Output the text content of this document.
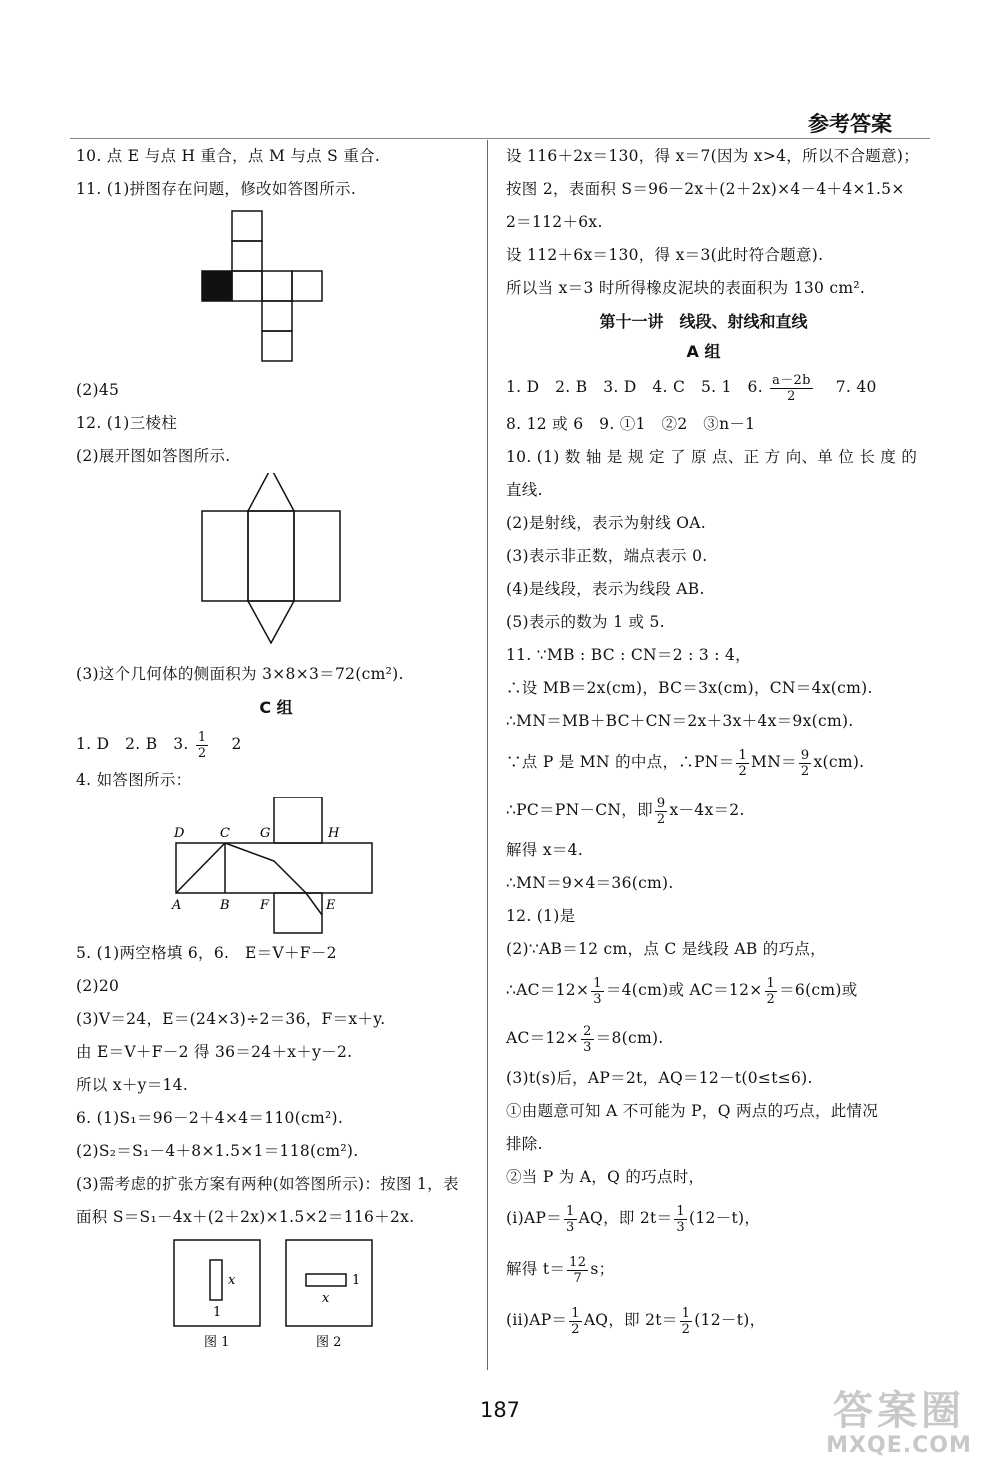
参考答案
10. 点 E 与点 H 重合，点 M 与点 S 重合.
11. (1)拼图存在问题，修改如答图所示.
(2)45
12. (1)三棱柱
(2)展开图如答图所示.
(3)这个几何体的侧面积为 3×8×3＝72(cm²).
C 组
1. D　2. B　3. $\frac{1}{2}$ 　2
4. 如答图所示：
D	C G	H
A	B F	E
5. (1)两空格填 6，6.　E＝V＋F－2
(2)20
(3)V＝24，E＝(24×3)÷2＝36，F＝x＋y.
由 E＝V＋F－2 得 36＝24＋x＋y－2.
所以 x＋y＝14.
6. (1)S₁＝96－2＋4×4＝110(cm²).
(2)S₂＝S₁－4＋8×1.5×1＝118(cm²).
(3)需考虑的扩张方案有两种(如答图所示)：按图 1，表
面积 S＝S₁－4x＋(2＋2x)×1.5×2＝116＋2x.
x
1
1
x
图 1	图 2
设 116＋2x＝130，得 x＝7(因为 x>4，所以不合题意)；
按图 2，表面积 S＝96－2x＋(2＋2x)×4－4＋4×1.5×
2＝112＋6x.
设 112＋6x＝130，得 x＝3(此时符合题意).
所以当 x＝3 时所得橡皮泥块的表面积为 130 cm².
第十一讲　线段、射线和直线
A 组
1. D　2. B　3. D　4. C　5. 1　6. $\frac{a-2b}{2}$ 　7. 40
8. 12 或 6　9. ①1　②2　③n－1
10. (1) 数 轴 是 规 定 了 原 点、正 方 向、单 位 长 度 的
直线.
(2)是射线，表示为射线 OA.
(3)表示非正数，端点表示 0.
(4)是线段，表示为线段 AB.
(5)表示的数为 1 或 5.
11. ∵MB : BC : CN＝2 : 3 : 4，
∴设 MB＝2x(cm)，BC＝3x(cm)，CN＝4x(cm).
∴MN＝MB＋BC＋CN＝2x＋3x＋4x＝9x(cm).
∵点 P 是 MN 的中点，∴PN＝ $\frac{1}{2} MN= \frac{9}{2} x(cm)$.
∴PC＝PN－CN，即 $\frac{9}{2} x-4x=2$.
解得 x＝4.
∴MN＝9×4＝36(cm).
12. (1)是
(2)∵AB＝12 cm，点 C 是线段 AB 的巧点，
∴AC＝12× $\frac{1}{3} =4(cm)$或 $AC=12\times \frac{1}{2} =6(cm)$或
$AC=12\times \frac{2}{3} =8(cm)$.
(3)t(s)后，AP＝2t，AQ＝12－t(0≤t≤6).
①由题意可知 A 不可能为 P，Q 两点的巧点，此情况
排除.
②当 P 为 A，Q 的巧点时，
$(i)AP= \frac{1}{3}$ AQ，即 $2t= \frac{1}{3} (12-t)$，
解得 $t= \frac{12}{7}$ s；
$(ii)AP= \frac{1}{2}$ AQ，即 $2t= \frac{1}{2} (12-t)$，
187	答案圈
MXQE.COM
